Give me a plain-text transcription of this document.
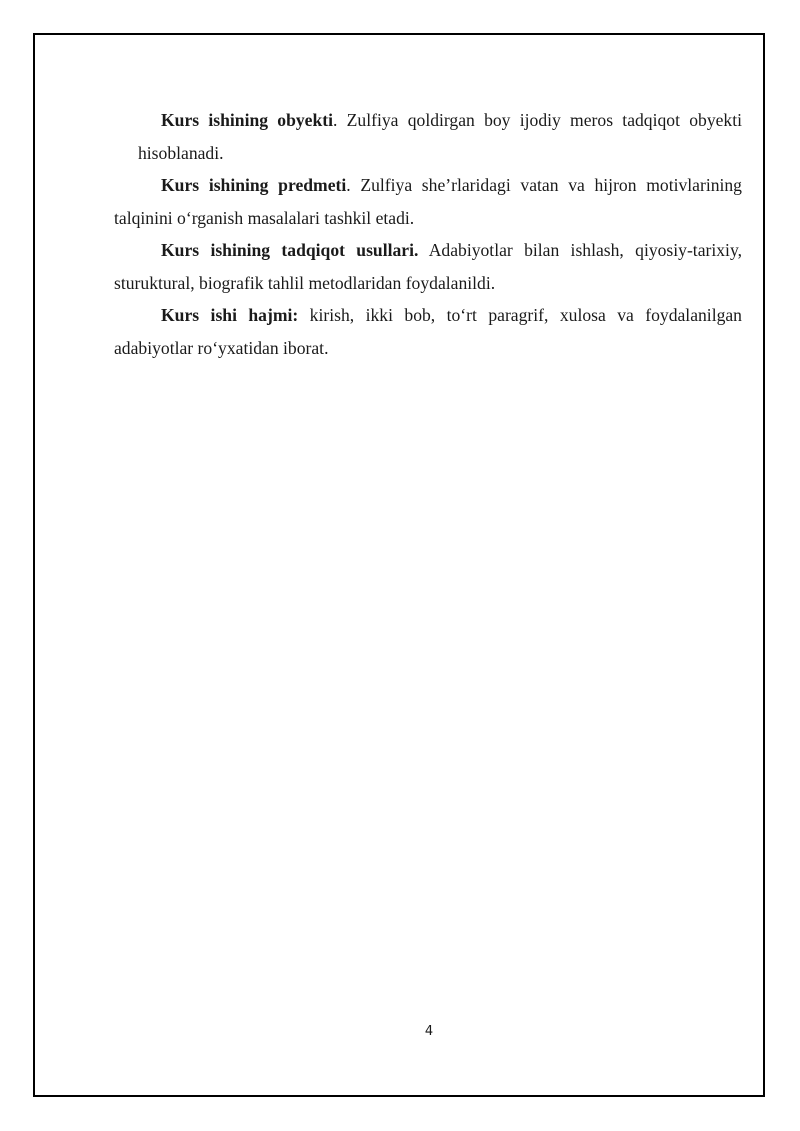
Kurs ishining obyekti. Zulfiya qoldirgan boy ijodiy meros tadqiqot obyekti hisoblanadi.

Kurs ishining predmeti. Zulfiya she’rlaridagi vatan va hijron motivlarining talqinini o‘rganish masalalari tashkil etadi.

Kurs ishining tadqiqot usullari. Adabiyotlar bilan ishlash, qiyosiy-tarixiy, sturuktural, biografik tahlil metodlaridan foydalanildi.

Kurs ishi hajmi: kirish, ikki bob, to‘rt paragrif, xulosa va foydalanilgan adabiyotlar ro‘yxatidan iborat.

4
